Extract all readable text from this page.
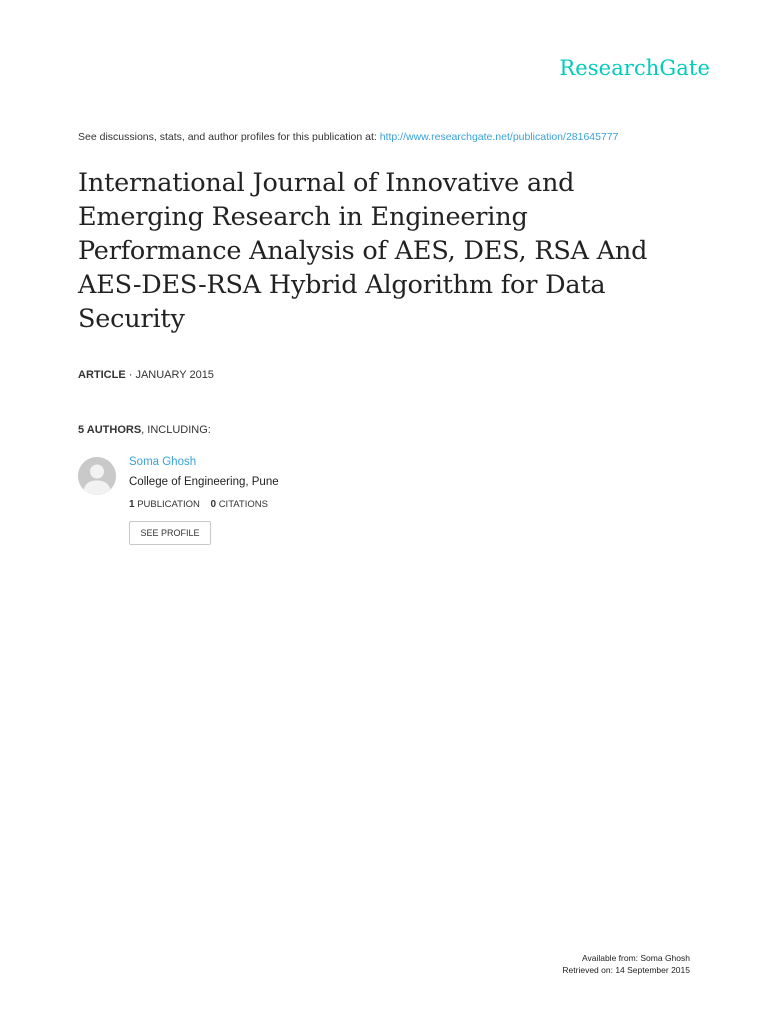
ResearchGate
See discussions, stats, and author profiles for this publication at: http://www.researchgate.net/publication/281645777
International Journal of Innovative and Emerging Research in Engineering Performance Analysis of AES, DES, RSA And AES-DES-RSA Hybrid Algorithm for Data Security
ARTICLE · JANUARY 2015
5 AUTHORS, INCLUDING:
Soma Ghosh
College of Engineering, Pune
1 PUBLICATION 0 CITATIONS
SEE PROFILE
Available from: Soma Ghosh
Retrieved on: 14 September 2015
